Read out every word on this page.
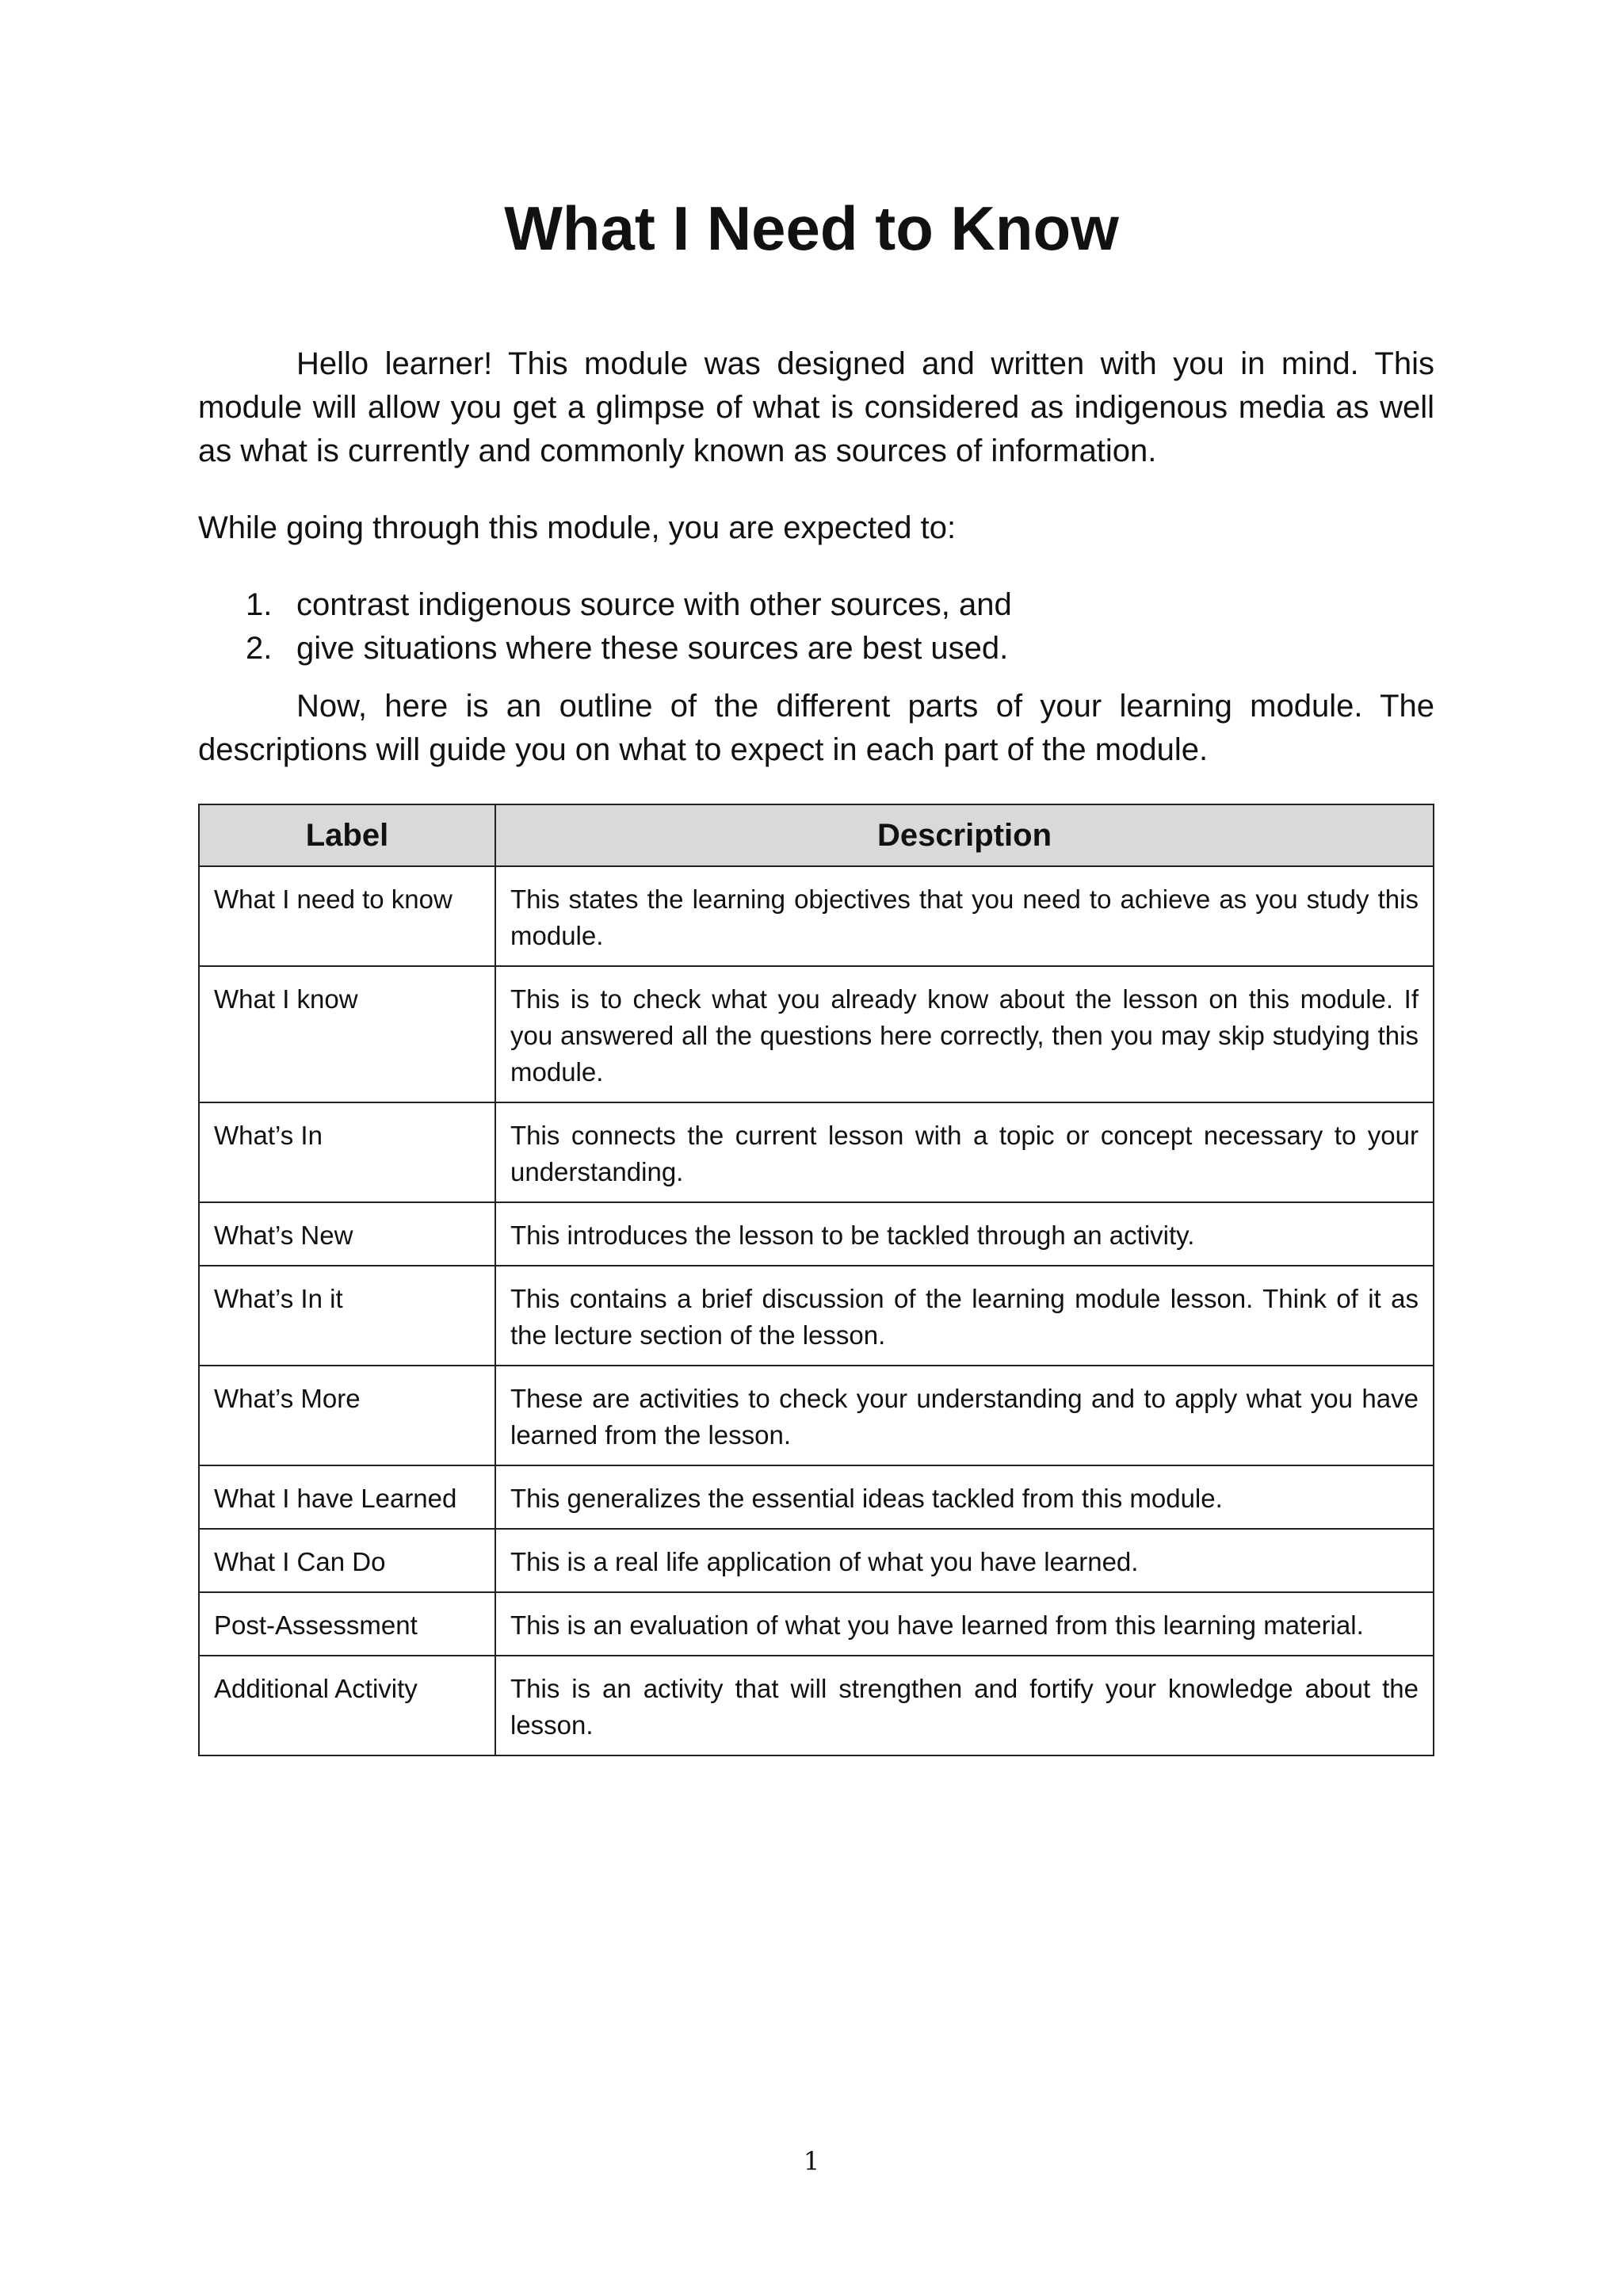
What I Need to Know

Hello learner! This module was designed and written with you in mind. This module will allow you get a glimpse of what is considered as indigenous media as well as what is currently and commonly known as sources of information.

While going through this module, you are expected to:

1. contrast indigenous source with other sources, and
2. give situations where these sources are best used.

Now, here is an outline of the different parts of your learning module. The descriptions will guide you on what to expect in each part of the module.

Label	Description
What I need to know	This states the learning objectives that you need to achieve as you study this module.
What I know	This is to check what you already know about the lesson on this module. If you answered all the questions here correctly, then you may skip studying this module.
What’s In	This connects the current lesson with a topic or concept necessary to your understanding.
What’s New	This introduces the lesson to be tackled through an activity.
What’s In it	This contains a brief discussion of the learning module lesson. Think of it as the lecture section of the lesson.
What’s More	These are activities to check your understanding and to apply what you have learned from the lesson.
What I have Learned	This generalizes the essential ideas tackled from this module.
What I Can Do	This is a real life application of what you have learned.
Post-Assessment	This is an evaluation of what you have learned from this learning material.
Additional Activity	This is an activity that will strengthen and fortify your knowledge about the lesson.
1
